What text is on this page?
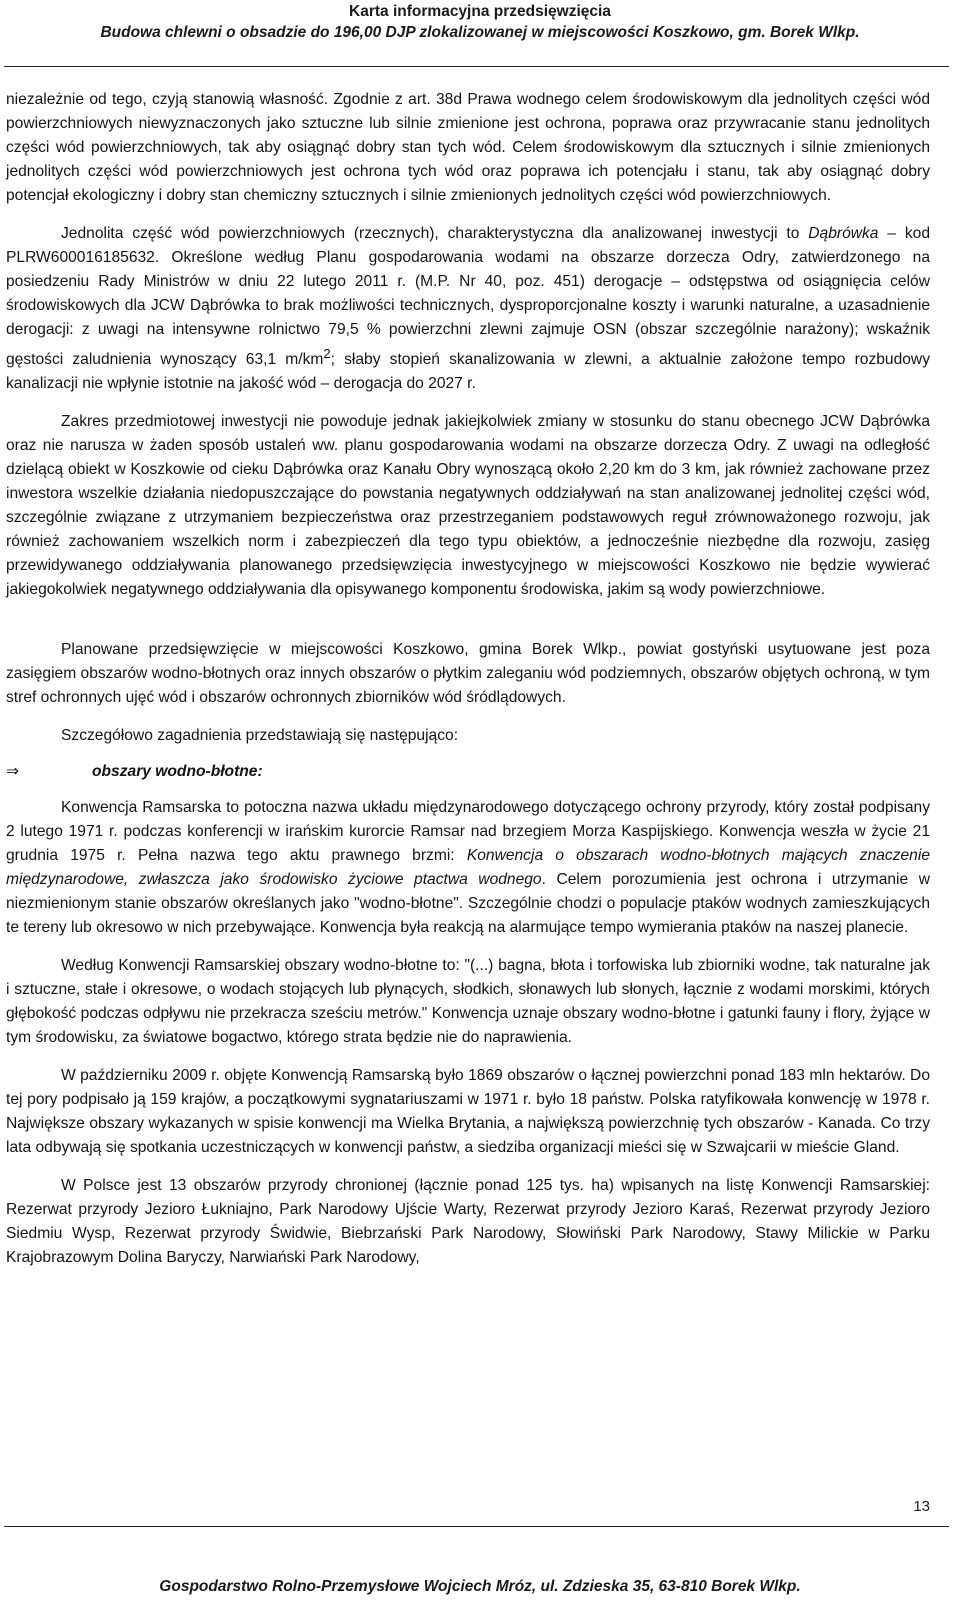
Karta informacyjna przedsięwzięcia
Budowa chlewni o obsadzie do 196,00 DJP zlokalizowanej w miejscowości Koszkowo, gm. Borek Wlkp.

niezależnie od tego, czyją stanowią własność. Zgodnie z art. 38d Prawa wodnego celem środowiskowym dla jednolitych części wód powierzchniowych niewyznaczonych jako sztuczne lub silnie zmienione jest ochrona, poprawa oraz przywracanie stanu jednolitych części wód powierzchniowych, tak aby osiągnąć dobry stan tych wód. Celem środowiskowym dla sztucznych i silnie zmienionych jednolitych części wód powierzchniowych jest ochrona tych wód oraz poprawa ich potencjału i stanu, tak aby osiągnąć dobry potencjał ekologiczny i dobry stan chemiczny sztucznych i silnie zmienionych jednolitych części wód powierzchniowych.

Jednolita część wód powierzchniowych (rzecznych), charakterystyczna dla analizowanej inwestycji to Dąbrówka – kod PLRW600016185632. Określone według Planu gospodarowania wodami na obszarze dorzecza Odry, zatwierdzonego na posiedzeniu Rady Ministrów w dniu 22 lutego 2011 r. (M.P. Nr 40, poz. 451) derogacje – odstępstwa od osiągnięcia celów środowiskowych dla JCW Dąbrówka to brak możliwości technicznych, dysproporcjonalne koszty i warunki naturalne, a uzasadnienie derogacji: z uwagi na intensywne rolnictwo 79,5 % powierzchni zlewni zajmuje OSN (obszar szczególnie narażony); wskaźnik gęstości zaludnienia wynoszący 63,1 $m/km^2$; słaby stopień skanalizowania w zlewni, a aktualnie założone tempo rozbudowy kanalizacji nie wpłynie istotnie na jakość wód – derogacja do 2027 r.

Zakres przedmiotowej inwestycji nie powoduje jednak jakiejkolwiek zmiany w stosunku do stanu obecnego JCW Dąbrówka oraz nie narusza w żaden sposób ustaleń ww. planu gospodarowania wodami na obszarze dorzecza Odry. Z uwagi na odległość dzielącą obiekt w Koszkowie od cieku Dąbrówka oraz Kanału Obry wynoszącą około 2,20 km do 3 km, jak również zachowane przez inwestora wszelkie działania niedopuszczające do powstania negatywnych oddziaływań na stan analizowanej jednolitej części wód, szczególnie związane z utrzymaniem bezpieczeństwa oraz przestrzeganiem podstawowych reguł zrównoważonego rozwoju, jak również zachowaniem wszelkich norm i zabezpieczeń dla tego typu obiektów, a jednocześnie niezbędne dla rozwoju, zasięg przewidywanego oddziaływania planowanego przedsięwzięcia inwestycyjnego w miejscowości Koszkowo nie będzie wywierać jakiegokolwiek negatywnego oddziaływania dla opisywanego komponentu środowiska, jakim są wody powierzchniowe.

Planowane przedsięwzięcie w miejscowości Koszkowo, gmina Borek Wlkp., powiat gostyński usytuowane jest poza zasięgiem obszarów wodno-błotnych oraz innych obszarów o płytkim zaleganiu wód podziemnych, obszarów objętych ochroną, w tym stref ochronnych ujęć wód i obszarów ochronnych zbiorników wód śródlądowych.

Szczegółowo zagadnienia przedstawiają się następująco:

⇒	obszary wodno-błotne:

Konwencja Ramsarska to potoczna nazwa układu międzynarodowego dotyczącego ochrony przyrody, który został podpisany 2 lutego 1971 r. podczas konferencji w irańskim kurorcie Ramsar nad brzegiem Morza Kaspijskiego. Konwencja weszła w życie 21 grudnia 1975 r. Pełna nazwa tego aktu prawnego brzmi: Konwencja o obszarach wodno-błotnych mających znaczenie międzynarodowe, zwłaszcza jako środowisko życiowe ptactwa wodnego. Celem porozumienia jest ochrona i utrzymanie w niezmienionym stanie obszarów określanych jako "wodno-błotne". Szczególnie chodzi o populacje ptaków wodnych zamieszkujących te tereny lub okresowo w nich przebywające. Konwencja była reakcją na alarmujące tempo wymierania ptaków na naszej planecie.

Według Konwencji Ramsarskiej obszary wodno-błotne to: "(...) bagna, błota i torfowiska lub zbiorniki wodne, tak naturalne jak i sztuczne, stałe i okresowe, o wodach stojących lub płynących, słodkich, słonawych lub słonych, łącznie z wodami morskimi, których głębokość podczas odpływu nie przekracza sześciu metrów." Konwencja uznaje obszary wodno-błotne i gatunki fauny i flory, żyjące w tym środowisku, za światowe bogactwo, którego strata będzie nie do naprawienia.

W październiku 2009 r. objęte Konwencją Ramsarską było 1869 obszarów o łącznej powierzchni ponad 183 mln hektarów. Do tej pory podpisało ją 159 krajów, a początkowymi sygnatariuszami w 1971 r. było 18 państw. Polska ratyfikowała konwencję w 1978 r. Największe obszary wykazanych w spisie konwencji ma Wielka Brytania, a największą powierzchnię tych obszarów - Kanada. Co trzy lata odbywają się spotkania uczestniczących w konwencji państw, a siedziba organizacji mieści się w Szwajcarii w mieście Gland.

W Polsce jest 13 obszarów przyrody chronionej (łącznie ponad 125 tys. ha) wpisanych na listę Konwencji Ramsarskiej: Rezerwat przyrody Jezioro Łukniajno, Park Narodowy Ujście Warty, Rezerwat przyrody Jezioro Karaś, Rezerwat przyrody Jezioro Siedmiu Wysp, Rezerwat przyrody Świdwie, Biebrzański Park Narodowy, Słowiński Park Narodowy, Stawy Milickie w Parku Krajobrazowym Dolina Baryczy, Narwiański Park Narodowy,

13
Gospodarstwo Rolno-Przemysłowe Wojciech Mróz, ul. Zdzieska 35, 63-810 Borek Wlkp.
